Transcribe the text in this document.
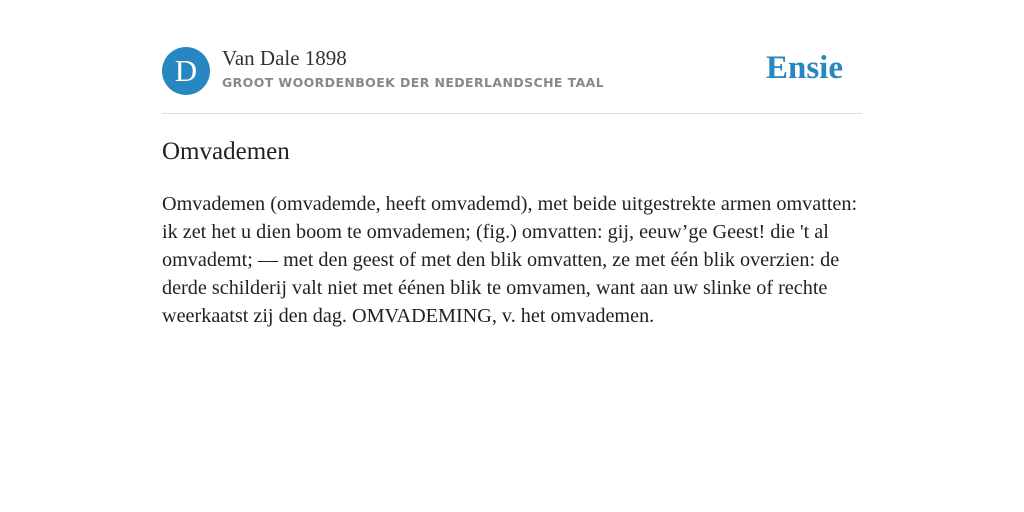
D	Van Dale 1898
GROOT WOORDENBOEK DER NEDERLANDSCHE TAAL	Ensie
Omvademen

Omvademen (omvademde, heeft omvademd), met beide uitgestrekte armen omvatten: ik zet het u dien boom te omvademen; (fig.) omvatten: gij, eeuw’ge Geest! die 't al omvademt; — met den geest of met den blik omvatten, ze met één blik overzien: de derde schilderij valt niet met éénen blik te omvamen, want aan uw slinke of rechte weerkaatst zij den dag. OMVADEMING, v. het omvademen.
